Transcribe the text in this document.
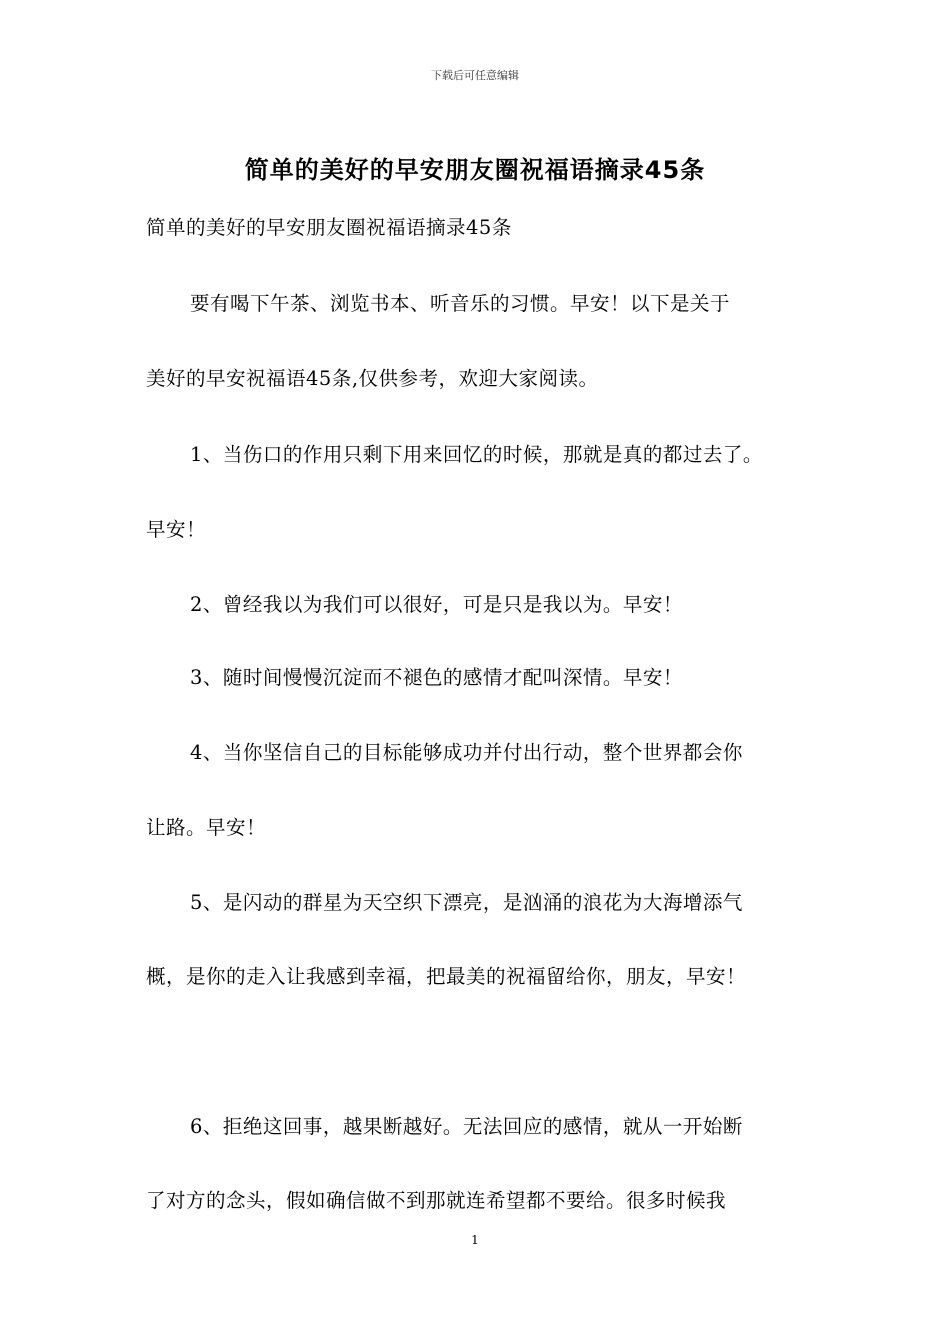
下载后可任意编辑
简单的美好的早安朋友圈祝福语摘录45条
简单的美好的早安朋友圈祝福语摘录45条
要有喝下午茶、浏览书本、听音乐的习惯。早安！以下是关于
美好的早安祝福语45条,仅供参考，欢迎大家阅读。
1、当伤口的作用只剩下用来回忆的时候，那就是真的都过去了。
早安！
2、曾经我以为我们可以很好，可是只是我以为。早安！
3、随时间慢慢沉淀而不褪色的感情才配叫深情。早安！
4、当你坚信自己的目标能够成功并付出行动，整个世界都会你
让路。早安！
5、是闪动的群星为天空织下漂亮，是汹涌的浪花为大海增添气
概，是你的走入让我感到幸福，把最美的祝福留给你，朋友，早安！
6、拒绝这回事，越果断越好。无法回应的感情，就从一开始断
了对方的念头，假如确信做不到那就连希望都不要给。很多时候我
1
